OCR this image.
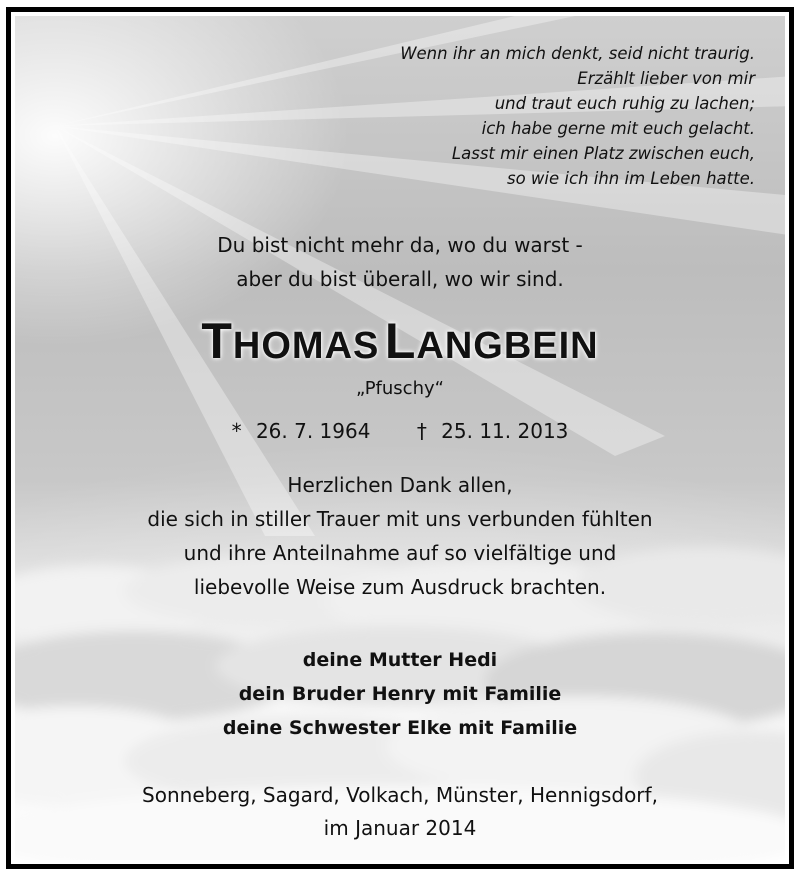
Wenn ihr an mich denkt, seid nicht traurig.
Erzählt lieber von mir
und traut euch ruhig zu lachen;
ich habe gerne mit euch gelacht.
Lasst mir einen Platz zwischen euch,
so wie ich ihn im Leben hatte.
Du bist nicht mehr da, wo du warst -
aber du bist überall, wo wir sind.
THOMAS LANGBEIN
„Pfuschy“
* 26. 7. 1964 † 25. 11. 2013
Herzlichen Dank allen,
die sich in stiller Trauer mit uns verbunden fühlten
und ihre Anteilnahme auf so vielfältige und
liebevolle Weise zum Ausdruck brachten.
deine Mutter Hedi
dein Bruder Henry mit Familie
deine Schwester Elke mit Familie
Sonneberg, Sagard, Volkach, Münster, Hennigsdorf,
im Januar 2014
